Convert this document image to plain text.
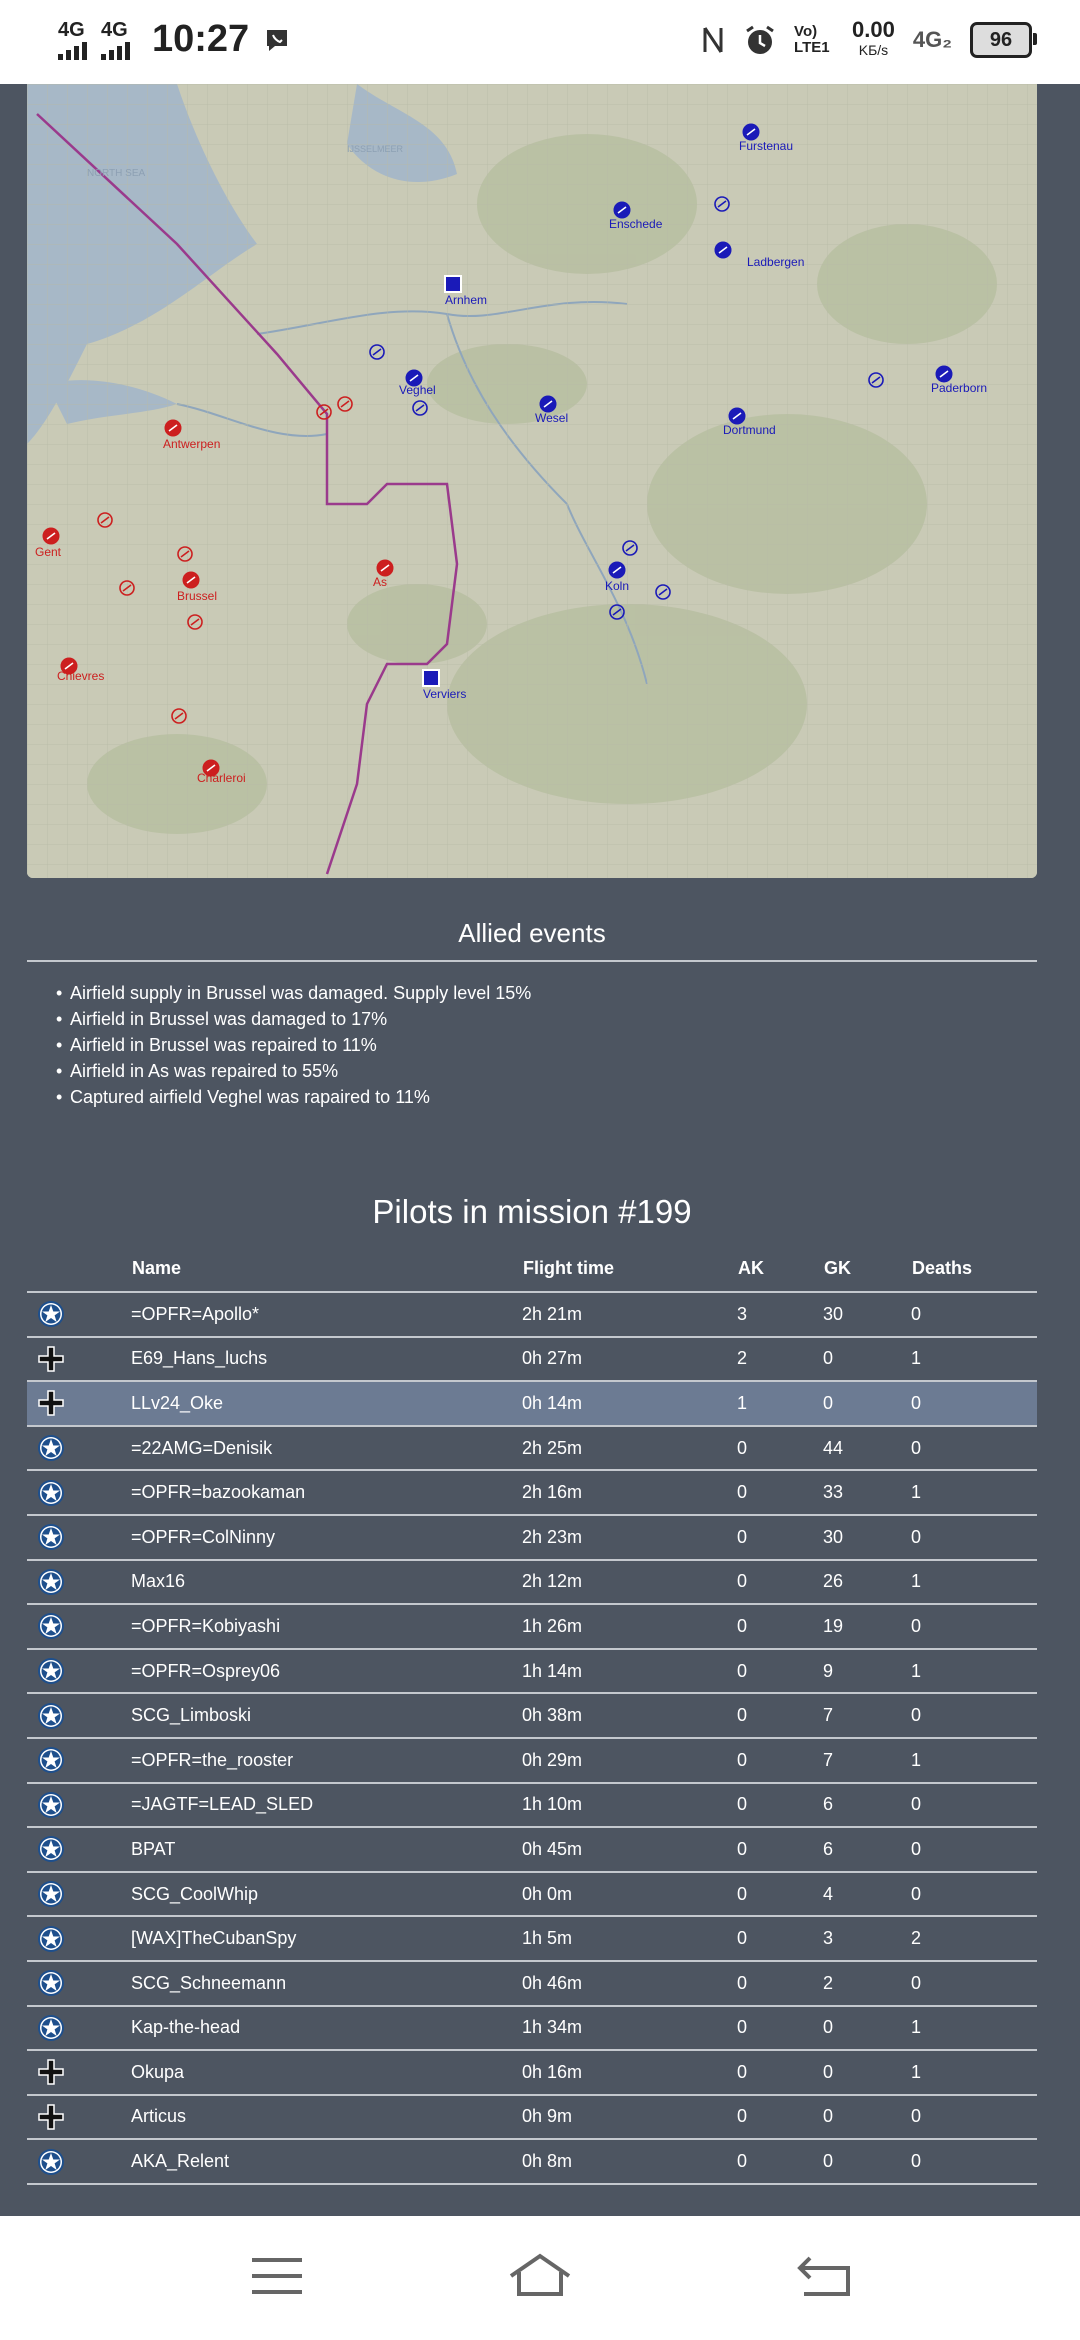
4G 4G 10:27	Vo) LTE1
0.00
KБ/s 4G₂ 96
NORTH SEA
IJSSELMEER	Furstenau
Enschede
Ladbergen
Arnhem
Veghel
Wesel
Dortmund
Paderborn
Antwerpen
Gent
Brussel
As	Koln
Chievres
Verviers
Charleroi
Allied events
• Airfield supply in Brussel was damaged. Supply level 15%
• Airfield in Brussel was damaged to 17%
• Airfield in Brussel was repaired to 11%
• Airfield in As was repaired to 55%
• Captured airfield Veghel was rapaired to 11%
Pilots in mission #199
	Name	Flight time	AK	GK	Deaths
	=OPFR=Apollo*	2h 21m	3	30	0
	E69_Hans_luchs	0h 27m	2	0	1
	LLv24_Oke	0h 14m	1	0	0
	=22AMG=Denisik	2h 25m	0	44	0
	=OPFR=bazookaman	2h 16m	0	33	1
	=OPFR=ColNinny	2h 23m	0	30	0
	Max16	2h 12m	0	26	1
	=OPFR=Kobiyashi	1h 26m	0	19	0
	=OPFR=Osprey06	1h 14m	0	9	1
	SCG_Limboski	0h 38m	0	7	0
	=OPFR=the_rooster	0h 29m	0	7	1
	=JAGTF=LEAD_SLED	1h 10m	0	6	0
	BPAT	0h 45m	0	6	0
	SCG_CoolWhip	0h 0m	0	4	0
	[WAX]TheCubanSpy	1h 5m	0	3	2
	SCG_Schneemann	0h 46m	0	2	0
	Kap-the-head	1h 34m	0	0	1
	Okupa	0h 16m	0	0	1
	Articus	0h 9m	0	0	0
	AKA_Relent	0h 8m	0	0	0
